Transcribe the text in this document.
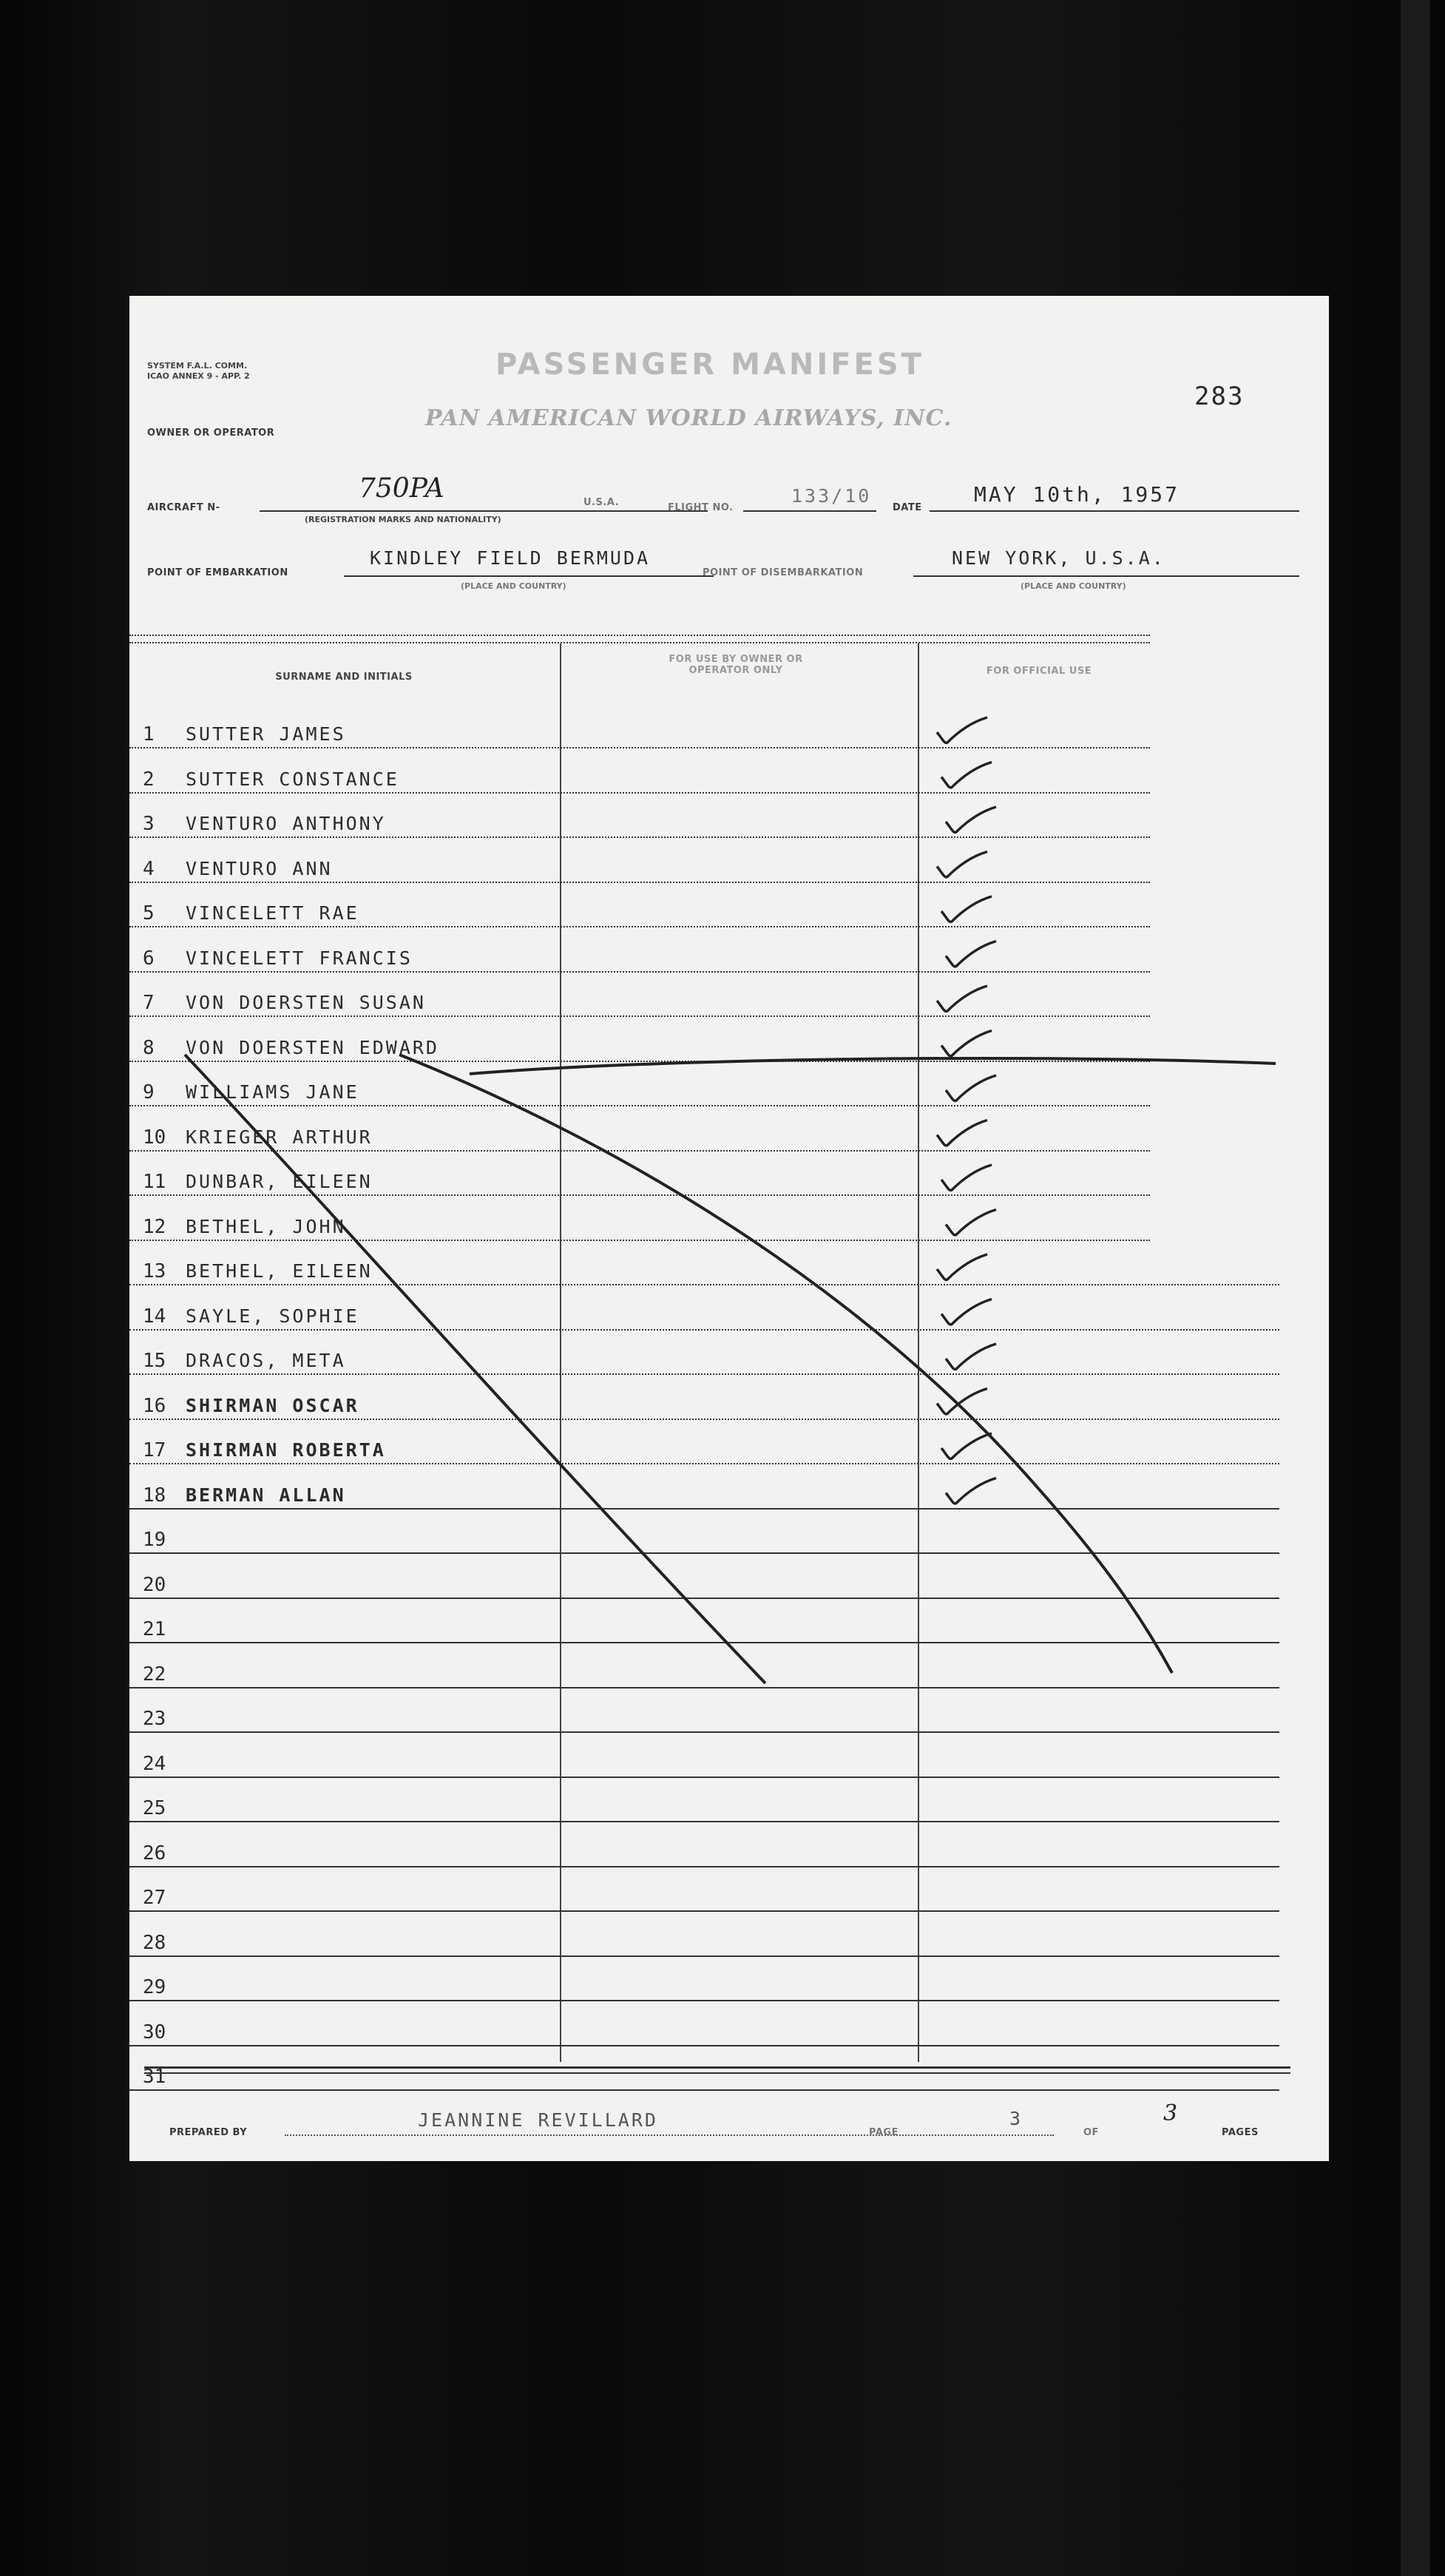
SYSTEM F.A.L. COMM.
ICAO ANNEX 9 - APP. 2	PASSENGER MANIFEST
283
OWNER OR OPERATOR
PAN AMERICAN WORLD AIRWAYS, INC.
AIRCRAFT N-
750PA
(REGISTRATION MARKS AND NATIONALITY)
U.S.A.	FLIGHT NO.
133/10
DATE
MAY 10th, 1957
POINT OF EMBARKATION
KINDLEY FIELD BERMUDA
(PLACE AND COUNTRY)
POINT OF DISEMBARKATION
NEW YORK, U.S.A.
(PLACE AND COUNTRY)
SURNAME AND INITIALS
FOR USE BY OWNER OR OPERATOR ONLY	FOR OFFICIAL USE
1 SUTTER JAMES
2 SUTTER CONSTANCE
3 VENTURO ANTHONY
4 VENTURO ANN
5 VINCELETT RAE
6 VINCELETT FRANCIS
7 VON DOERSTEN SUSAN
8 VON DOERSTEN EDWARD
9 WILLIAMS JANE
10 KRIEGER ARTHUR
11 DUNBAR, EILEEN
12 BETHEL, JOHN
13 BETHEL, EILEEN
14 SAYLE, SOPHIE
15 DRACOS, META
16 SHIRMAN OSCAR
17 SHIRMAN ROBERTA
18 BERMAN ALLAN
19
20
21
22
23
24
25
26
27
28
29
30
31
PREPARED BY
JEANNINE REVILLARD
PAGE
3
OF
3
PAGES
